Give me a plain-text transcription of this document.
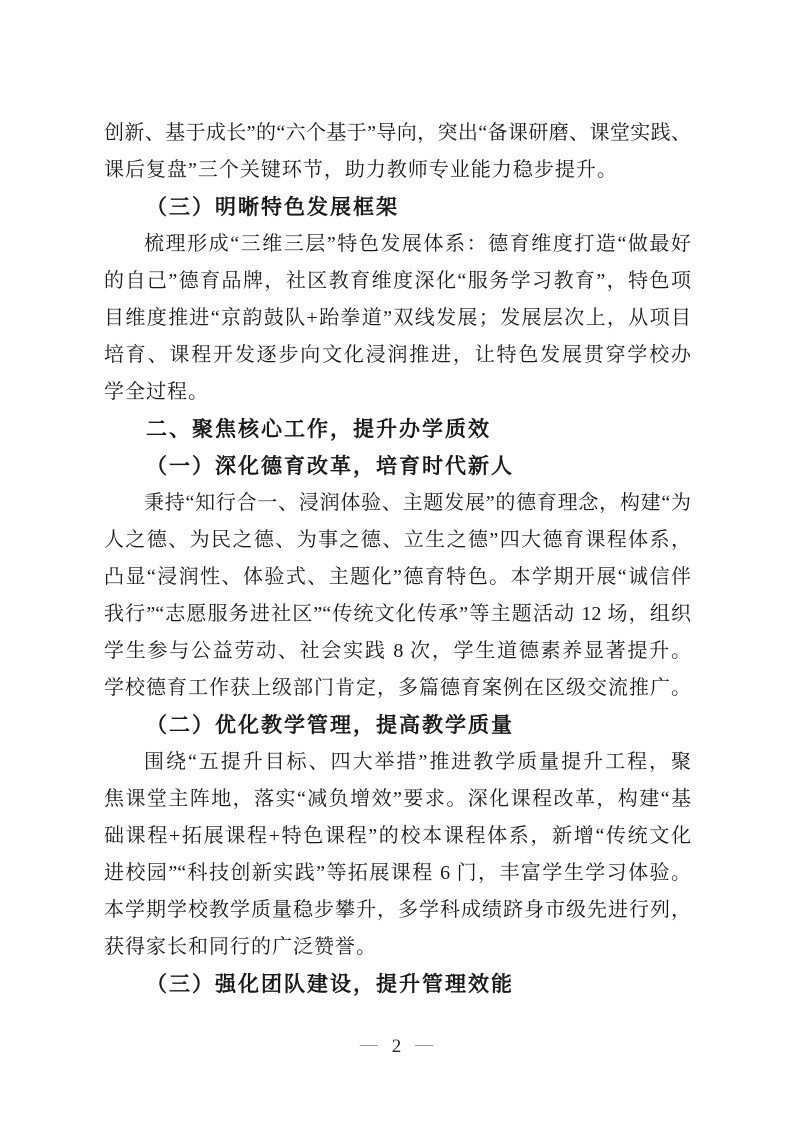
创新、基于成长”的“六个基于”导向，突出“备课研磨、课堂实践、
课后复盘”三个关键环节，助力教师专业能力稳步提升。
（三）明晰特色发展框架
梳理形成“三维三层”特色发展体系：德育维度打造“做最好
的自己”德育品牌，社区教育维度深化“服务学习教育”，特色项
目维度推进“京韵鼓队+跆拳道”双线发展；发展层次上，从项目
培育、课程开发逐步向文化浸润推进，让特色发展贯穿学校办
学全过程。
二、聚焦核心工作，提升办学质效
（一）深化德育改革，培育时代新人
秉持“知行合一、浸润体验、主题发展”的德育理念，构建“为
人之德、为民之德、为事之德、立生之德”四大德育课程体系，
凸显“浸润性、体验式、主题化”德育特色。本学期开展“诚信伴
我行”“志愿服务进社区”“传统文化传承”等主题活动 12 场，组织
学生参与公益劳动、社会实践 8 次，学生道德素养显著提升。
学校德育工作获上级部门肯定，多篇德育案例在区级交流推广。
（二）优化教学管理，提高教学质量
围绕“五提升目标、四大举措”推进教学质量提升工程，聚
焦课堂主阵地，落实“减负增效”要求。深化课程改革，构建“基
础课程+拓展课程+特色课程”的校本课程体系，新增“传统文化
进校园”“科技创新实践”等拓展课程 6 门，丰富学生学习体验。
本学期学校教学质量稳步攀升，多学科成绩跻身市级先进行列，
获得家长和同行的广泛赞誉。
（三）强化团队建设，提升管理效能
— 2 —
